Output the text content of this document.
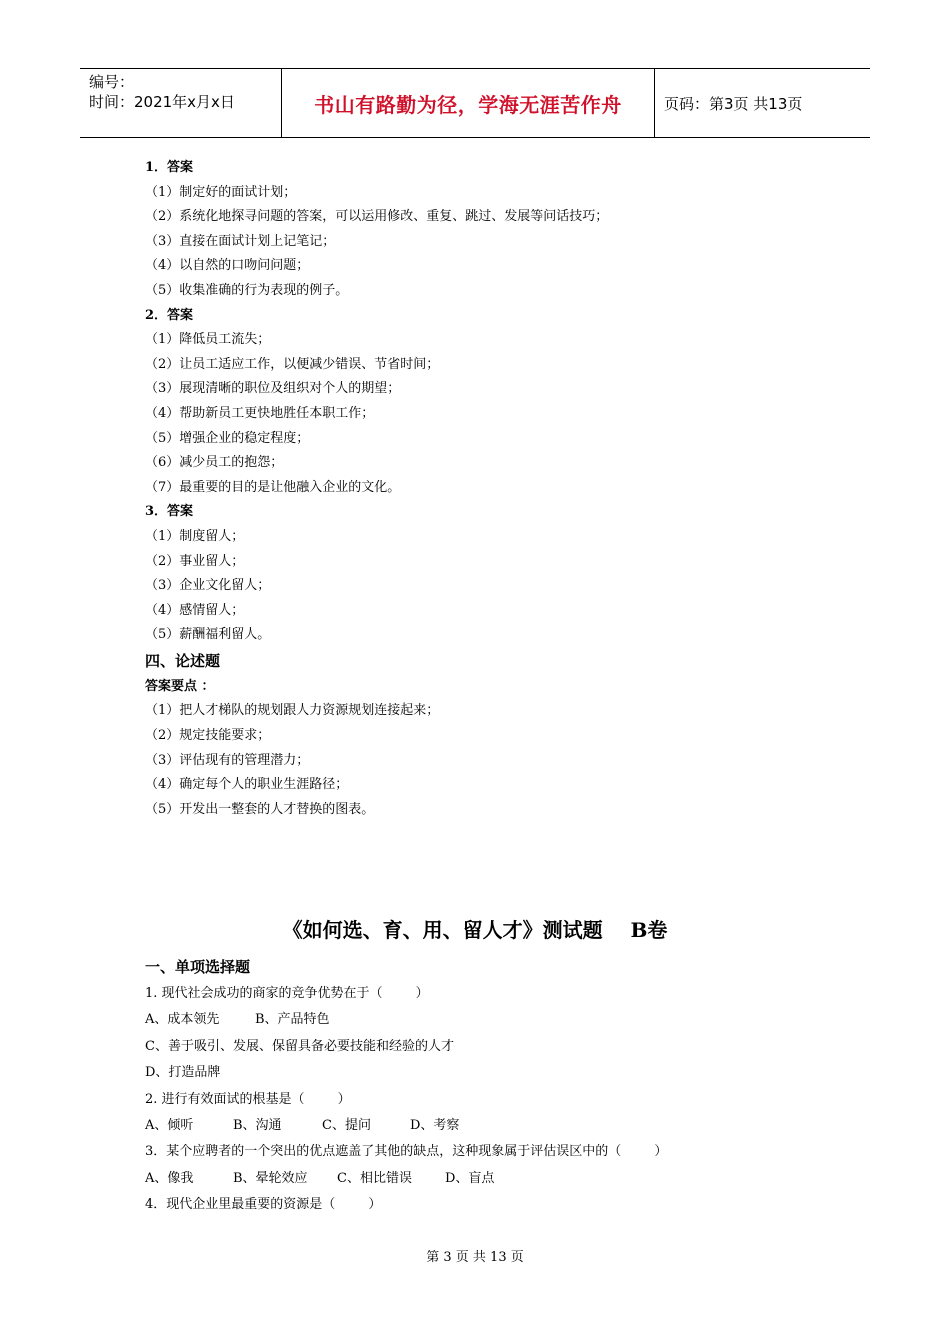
编号：
时间：2021年x月x日	书山有路勤为径，学海无涯苦作舟	页码：第3页 共13页
1．答案
（1）制定好的面试计划；
（2）系统化地探寻问题的答案，可以运用修改、重复、跳过、发展等问话技巧；
（3）直接在面试计划上记笔记；
（4）以自然的口吻问问题；
（5）收集准确的行为表现的例子。
2．答案
（1）降低员工流失；
（2）让员工适应工作，以便减少错误、节省时间；
（3）展现清晰的职位及组织对个人的期望；
（4）帮助新员工更快地胜任本职工作；
（5）增强企业的稳定程度；
（6）减少员工的抱怨；
（7）最重要的目的是让他融入企业的文化。
3．答案
（1）制度留人；
（2）事业留人；
（3）企业文化留人；
（4）感情留人；
（5）薪酬福利留人。
四、论述题
答案要点 ：
（1）把人才梯队的规划跟人力资源规划连接起来；
（2）规定技能要求；
（3）评估现有的管理潜力；
（4）确定每个人的职业生涯路径；
（5）开发出一整套的人才替换的图表。
《如何选、育、用、留人才》测试题    B卷
一、单项选择题
1. 现代社会成功的商家的竞争优势在于（        ）
A、成本领先	B、产品特色
C、善于吸引、发展、保留具备必要技能和经验的人才
D、打造品牌
2. 进行有效面试的根基是（        ）
A、倾听	B、沟通	C、提问	D、考察
3．某个应聘者的一个突出的优点遮盖了其他的缺点，这种现象属于评估误区中的（        ）
A、像我	B、晕轮效应 C、相比错误	D、盲点
4．现代企业里最重要的资源是（        ）
第 3 页 共 13 页
